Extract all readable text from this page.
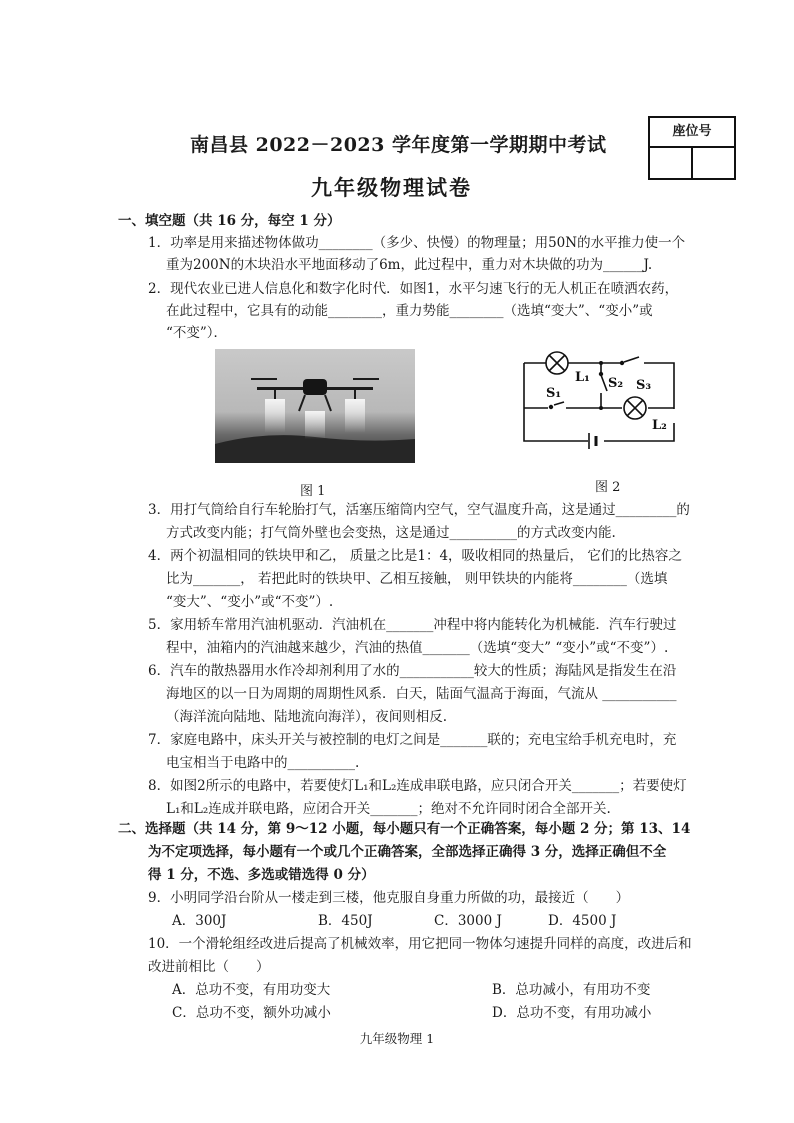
南昌县 2022－2023 学年度第一学期期中考试
九年级物理试卷
座位号
一、填空题（共 16 分，每空 1 分）
1．功率是用来描述物体做功________（多少、快慢）的物理量；用50N的水平推力使一个
重为200N的木块沿水平地面移动了6m，此过程中，重力对木块做的功为______J.
2．现代农业已进人信息化和数字化时代．如图1，水平匀速飞行的无人机正在喷洒农药，
在此过程中，它具有的动能________，重力势能________（选填“变大”、“变小”或
“不变”）．
图 1
L₁
L₂
S₁
S₂ S₃
图 2
3．用打气筒给自行车轮胎打气，活塞压缩筒内空气，空气温度升高，这是通过_________的
方式改变内能；打气筒外壁也会变热，这是通过__________的方式改变内能.
4．两个初温相同的铁块甲和乙， 质量之比是1：4，吸收相同的热量后， 它们的比热容之
比为_______， 若把此时的铁块甲、乙相互接触， 则甲铁块的内能将________（选填
“变大”、“变小”或“不变”）.
5．家用轿车常用汽油机驱动．汽油机在_______冲程中将内能转化为机械能．汽车行驶过
程中，油箱内的汽油越来越少，汽油的热值_______（选填“变大” “变小”或“不变”）.
6．汽车的散热器用水作冷却剂利用了水的___________较大的性质；海陆风是指发生在沿
海地区的以一日为周期的周期性风系．白天，陆面气温高于海面，气流从 ___________
（海洋流向陆地、陆地流向海洋），夜间则相反.
7．家庭电路中，床头开关与被控制的电灯之间是_______联的；充电宝给手机充电时，充
电宝相当于电路中的__________.
8．如图2所示的电路中，若要使灯L₁和L₂连成串联电路，应只闭合开关_______；若要使灯
L₁和L₂连成并联电路，应闭合开关_______；绝对不允许同时闭合全部开关.
二、选择题（共 14 分，第 9～12 小题，每小题只有一个正确答案，每小题 2 分；第 13、14
为不定项选择，每小题有一个或几个正确答案，全部选择正确得 3 分，选择正确但不全
得 1 分，不选、多选或错选得 0 分）
9．小明同学沿台阶从一楼走到三楼，他克服自身重力所做的功，最接近（　　）
A．300J	B．450J	C．3000 J	D．4500 J
10．一个滑轮组经改进后提高了机械效率，用它把同一物体匀速提升同样的高度，改进后和
改进前相比（　　）
A．总功不变，有用功变大	B．总功减小，有用功不变
C．总功不变，额外功减小	D．总功不变，有用功减小
九年级物理 1
